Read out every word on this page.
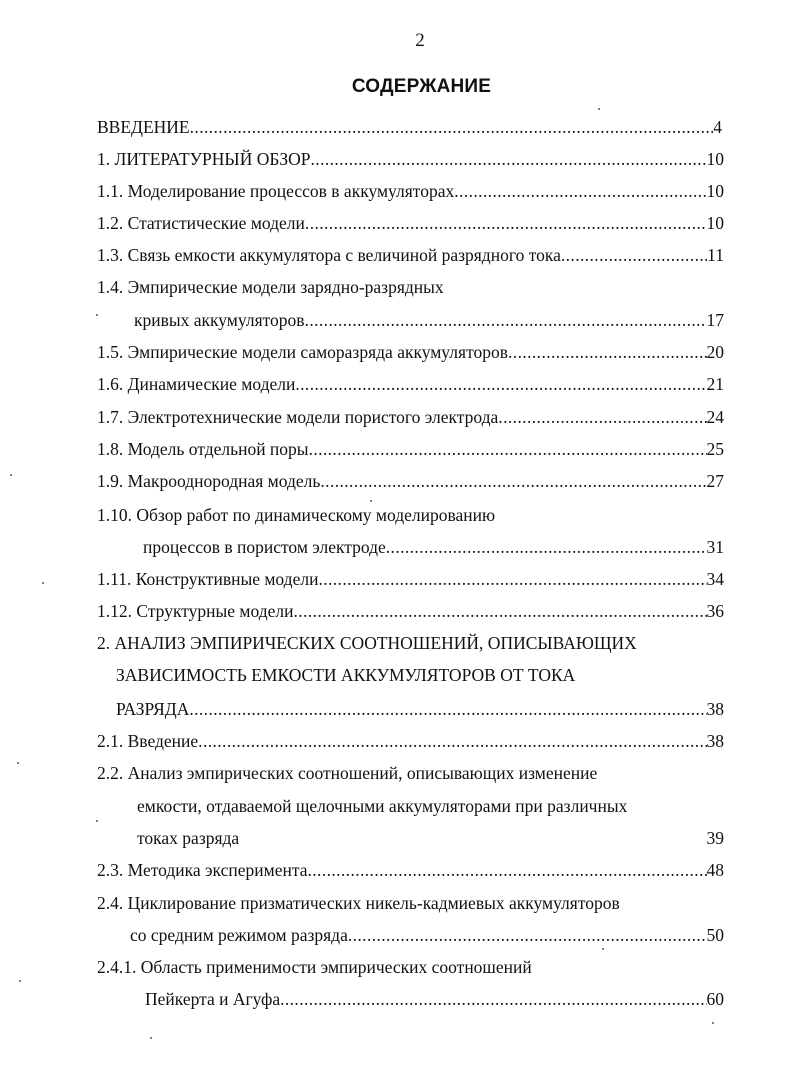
2
СОДЕРЖАНИЕ
ВВЕДЕНИЕ .....	4
1. ЛИТЕРАТУРНЫЙ ОБЗОР .....	10
1.1. Моделирование процессов в аккумуляторах .....	10
1.2. Статистические модели .....	10
1.3. Связь емкости аккумулятора с величиной разрядного тока .....	11
1.4. Эмпирические модели зарядно-разрядных
кривых аккумуляторов .....	17
1.5. Эмпирические модели саморазряда аккумуляторов .....	20
1.6. Динамические модели .....	21
1.7. Электротехнические модели пористого электрода .....	24
1.8. Модель отдельной поры .....	25
1.9. Макрооднородная модель .....	27
1.10. Обзор работ по динамическому моделированию
процессов в пористом электроде .....	31
1.11. Конструктивные модели .....	34
1.12. Структурные модели .....	36
2. АНАЛИЗ ЭМПИРИЧЕСКИХ СООТНОШЕНИЙ, ОПИСЫВАЮЩИХ
ЗАВИСИМОСТЬ ЕМКОСТИ АККУМУЛЯТОРОВ ОТ ТОКА
РАЗРЯДА .....	38
2.1. Введение .....	38
2.2. Анализ эмпирических соотношений, описывающих изменение
емкости, отдаваемой щелочными аккумуляторами при различных
токах разряда	39
2.3. Методика эксперимента .....	48
2.4. Циклирование призматических никель-кадмиевых аккумуляторов
со средним режимом разряда .....	50
2.4.1. Область применимости эмпирических соотношений
Пейкерта и Агуфа .....	60
